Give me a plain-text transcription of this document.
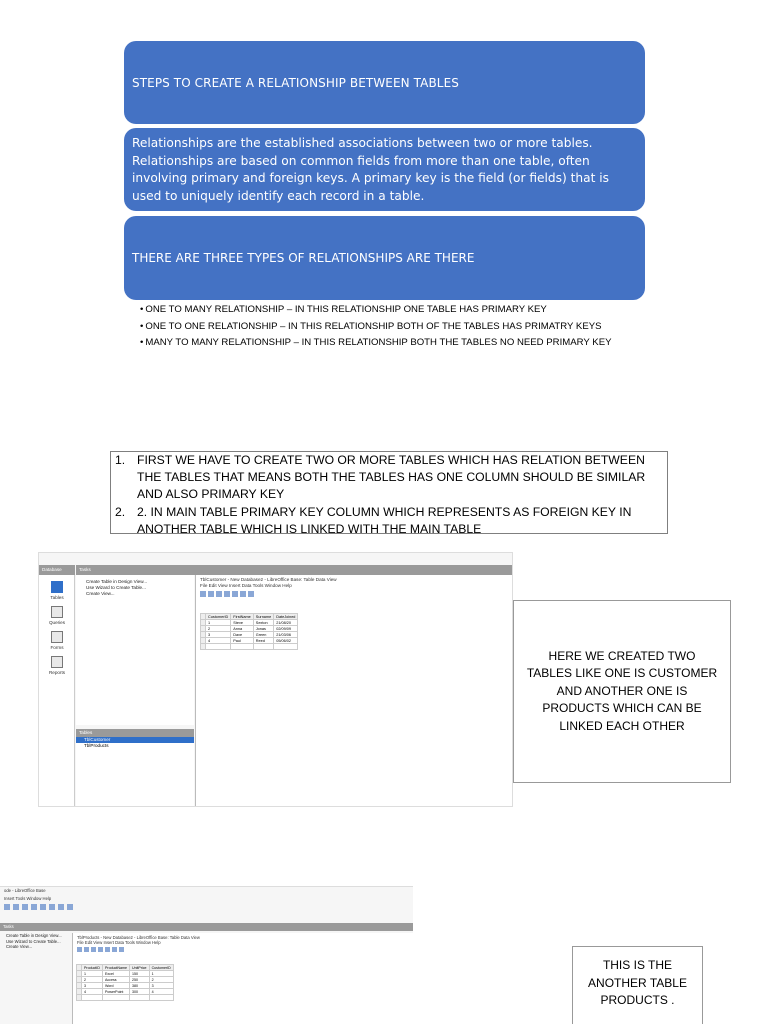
STEPS TO CREATE A RELATIONSHIP BETWEEN TABLES
Relationships are the established associations between two or more tables. Relationships are based on common fields from more than one table, often involving primary and foreign keys. A primary key is the field (or fields) that is used to uniquely identify each record in a table.
THERE ARE THREE TYPES OF RELATIONSHIPS ARE THERE
• ONE TO MANY RELATIONSHIP – IN THIS RELATIONSHIP ONE TABLE HAS PRIMARY KEY
• ONE TO ONE RELATIONSHIP – IN THIS RELATIONSHIP BOTH OF THE TABLES HAS PRIMATRY KEYS
• MANY TO MANY RELATIONSHIP – IN THIS RELATIONSHIP BOTH THE TABLES NO NEED PRIMARY KEY
1. FIRST WE HAVE TO CREATE TWO OR MORE TABLES WHICH HAS RELATION BETWEEN THE TABLES THAT MEANS BOTH THE TABLES HAS ONE COLUMN SHOULD BE SIMILAR AND ALSO PRIMARY KEY
2. 2. IN MAIN TABLE PRIMARY KEY COLUMN WHICH REPRESENTS AS FOREIGN KEY IN ANOTHER TABLE WHICH IS LINKED WITH THE MAIN TABLE
Database	Tasks
Tables
Queries
Forms
Reports
Create Table in Design View...
Use Wizard to Create Table...
Create View...
Tables
TblCustomer
TblProducts
TblCustomer - New Database2 - LibreOffice Base: Table Data View
File Edit View Insert Data Tools Window Help
	CustomerID	FirstName	Surname	DateJoined
	1	Steve	Sexton	21/08/20
	2	Anna	Jonas	02/09/09
	3	Dave	Green	21/03/06
	4	Paul	Reed	05/06/02

HERE WE CREATED TWO TABLES LIKE ONE IS CUSTOMER AND ANOTHER ONE IS PRODUCTS WHICH CAN BE LINKED EACH OTHER
ode - LibreOffice Base
Insert Tools Window Help
Tasks
Create Table in Design View...
Use Wizard to Create Table...
Create View...
TblProducts - New Database2 - LibreOffice Base: Table Data View
File Edit View Insert Data Tools Window Help
	ProductID	ProductName	UnitPrice	CustomerID
	1	Excel	150	1
	2	Access	250	2
	3	Word	380	3
	4	PowerPoint	300	4

THIS IS THE ANOTHER TABLE PRODUCTS .
